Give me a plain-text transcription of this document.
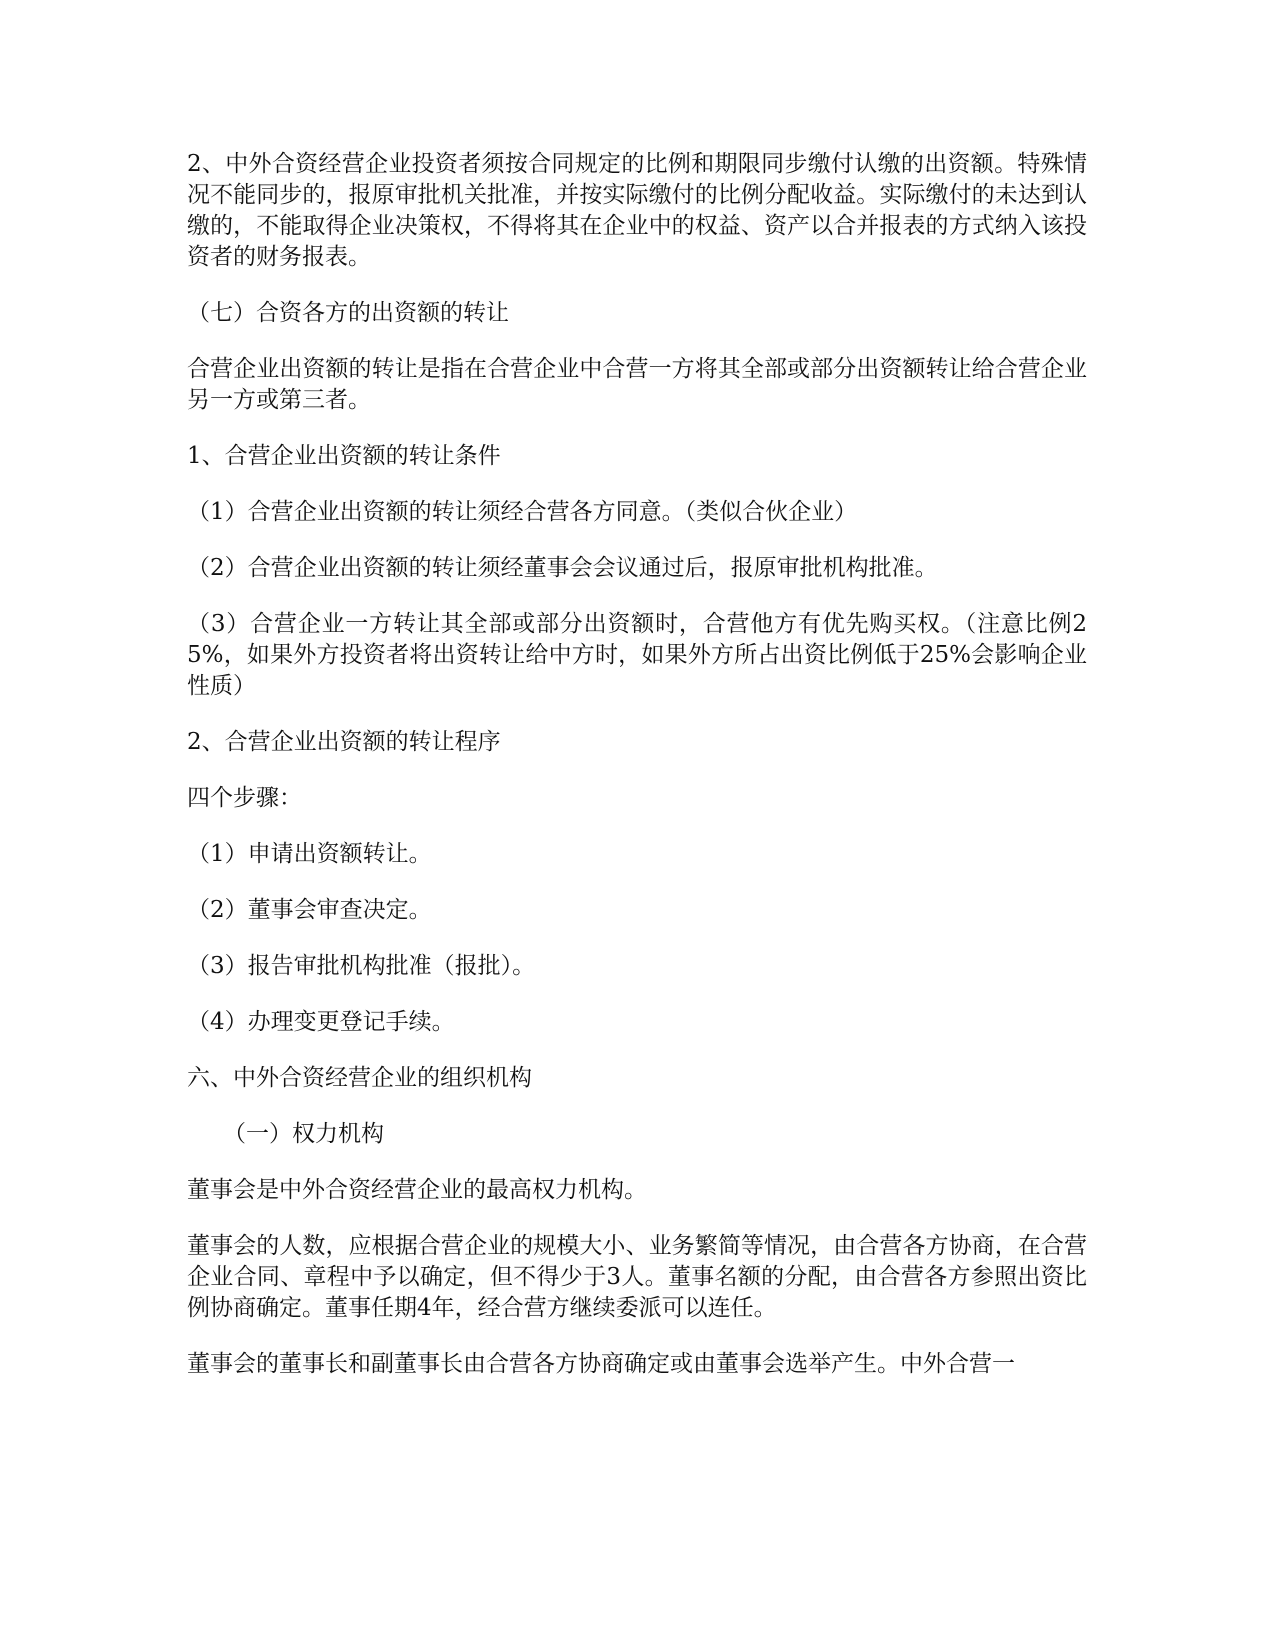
2、中外合资经营企业投资者须按合同规定的比例和期限同步缴付认缴的出资额。特殊情况不能同步的，报原审批机关批准，并按实际缴付的比例分配收益。实际缴付的未达到认缴的，不能取得企业决策权，不得将其在企业中的权益、资产以合并报表的方式纳入该投资者的财务报表。

（七）合资各方的出资额的转让

合营企业出资额的转让是指在合营企业中合营一方将其全部或部分出资额转让给合营企业另一方或第三者。

1、合营企业出资额的转让条件

（1）合营企业出资额的转让须经合营各方同意。（类似合伙企业）

（2）合营企业出资额的转让须经董事会会议通过后，报原审批机构批准。

（3）合营企业一方转让其全部或部分出资额时，合营他方有优先购买权。（注意比例25%，如果外方投资者将出资转让给中方时，如果外方所占出资比例低于25%会影响企业性质）

2、合营企业出资额的转让程序

四个步骤：

（1）申请出资额转让。

（2）董事会审查决定。

（3）报告审批机构批准（报批）。

（4）办理变更登记手续。

六、中外合资经营企业的组织机构

（一）权力机构

董事会是中外合资经营企业的最高权力机构。

董事会的人数，应根据合营企业的规模大小、业务繁简等情况，由合营各方协商，在合营企业合同、章程中予以确定，但不得少于3人。董事名额的分配，由合营各方参照出资比例协商确定。董事任期4年，经合营方继续委派可以连任。

董事会的董事长和副董事长由合营各方协商确定或由董事会选举产生。中外合营一
